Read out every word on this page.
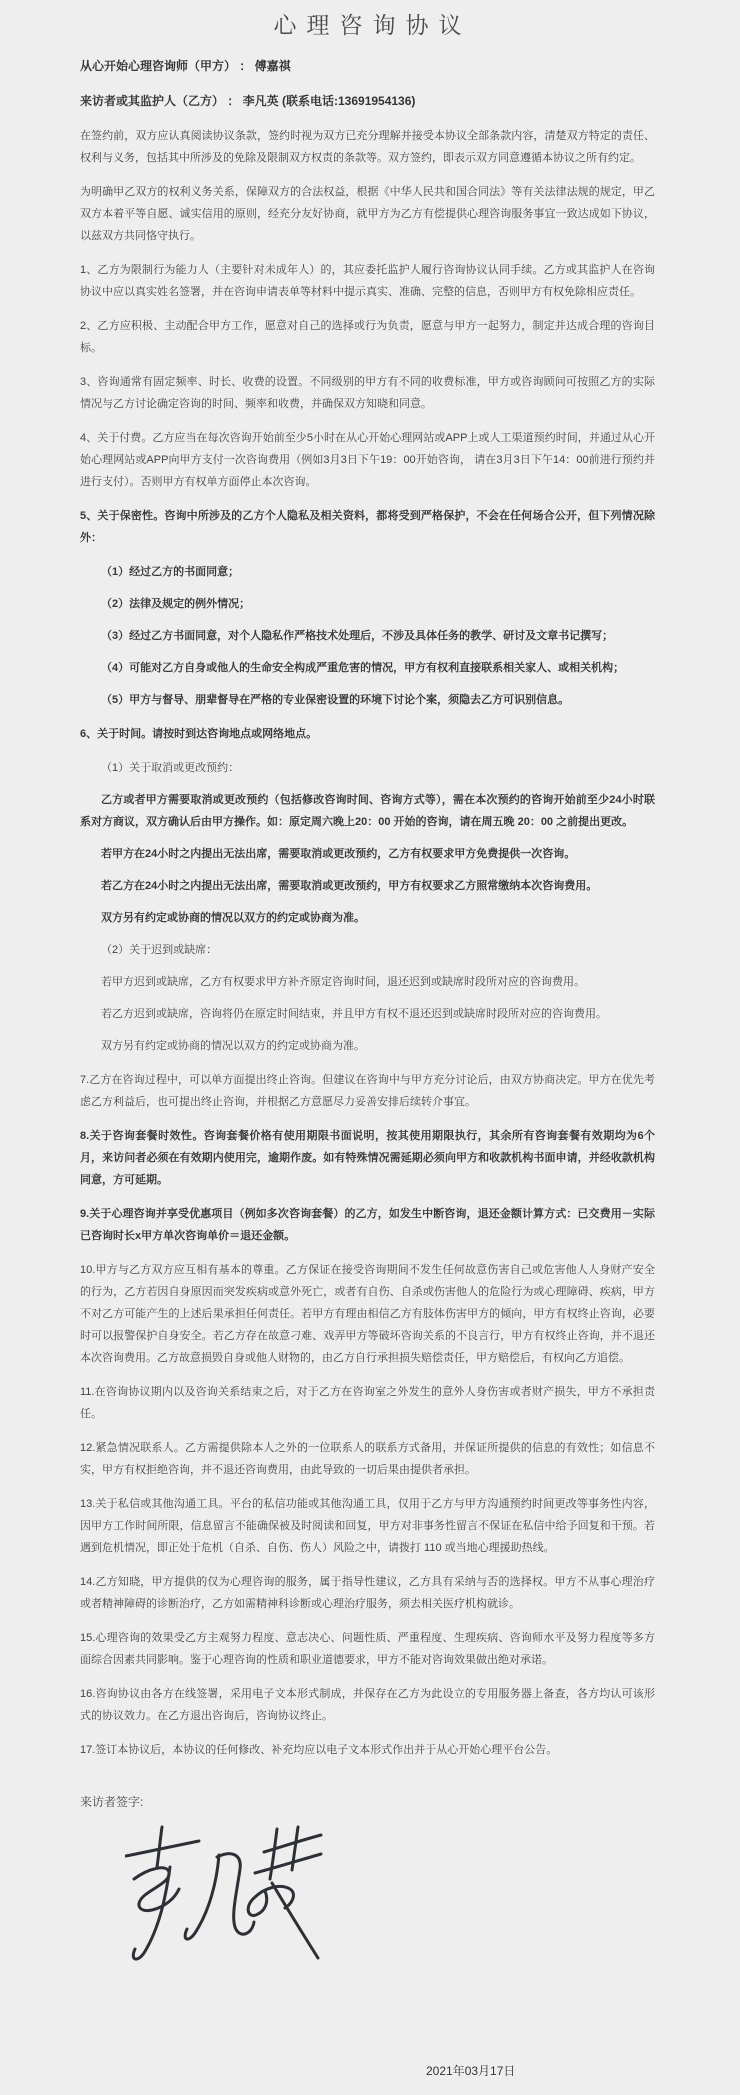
心理咨询协议

从心开始心理咨询师（甲方） ： 傅嘉祺

来访者或其监护人（乙方） ： 李凡英 (联系电话:13691954136)

在签约前，双方应认真阅读协议条款，签约时视为双方已充分理解并接受本协议全部条款内容，清楚双方特定的责任、权利与义务，包括其中所涉及的免除及限制双方权责的条款等。双方签约，即表示双方同意遵循本协议之所有约定。

为明确甲乙双方的权利义务关系，保障双方的合法权益，根据《中华人民共和国合同法》等有关法律法规的规定，甲乙双方本着平等自愿、诚实信用的原则，经充分友好协商，就甲方为乙方有偿提供心理咨询服务事宜一致达成如下协议，以兹双方共同恪守执行。

1、乙方为限制行为能力人（主要针对未成年人）的，其应委托监护人履行咨询协议认同手续。乙方或其监护人在咨询协议中应以真实姓名签署，并在咨询申请表单等材料中提示真实、准确、完整的信息，否则甲方有权免除相应责任。

2、乙方应积极、主动配合甲方工作，愿意对自己的选择或行为负责，愿意与甲方一起努力，制定并达成合理的咨询目标。

3、咨询通常有固定频率、时长、收费的设置。不同级别的甲方有不同的收费标准，甲方或咨询顾问可按照乙方的实际情况与乙方讨论确定咨询的时间、频率和收费，并确保双方知晓和同意。

4、关于付费。乙方应当在每次咨询开始前至少5小时在从心开始心理网站或APP上或人工渠道预约时间，并通过从心开始心理网站或APP向甲方支付一次咨询费用（例如3月3日下午19：00开始咨询， 请在3月3日下午14：00前进行预约并进行支付）。否则甲方有权单方面停止本次咨询。

5、关于保密性。咨询中所涉及的乙方个人隐私及相关资料，都将受到严格保护，不会在任何场合公开，但下列情况除外：

（1）经过乙方的书面同意；

（2）法律及规定的例外情况；

（3）经过乙方书面同意，对个人隐私作严格技术处理后，不涉及具体任务的教学、研讨及文章书记撰写；

（4）可能对乙方自身或他人的生命安全构成严重危害的情况，甲方有权利直接联系相关家人、或相关机构；

（5）甲方与督导、朋辈督导在严格的专业保密设置的环境下讨论个案，须隐去乙方可识别信息。

6、关于时间。请按时到达咨询地点或网络地点。

（1）关于取消或更改预约：

乙方或者甲方需要取消或更改预约（包括修改咨询时间、咨询方式等），需在本次预约的咨询开始前至少24小时联系对方商议，双方确认后由甲方操作。如：原定周六晚上20：00 开始的咨询，请在周五晚 20：00 之前提出更改。

若甲方在24小时之内提出无法出席，需要取消或更改预约，乙方有权要求甲方免费提供一次咨询。

若乙方在24小时之内提出无法出席，需要取消或更改预约，甲方有权要求乙方照常缴纳本次咨询费用。

双方另有约定或协商的情况以双方的约定或协商为准。

（2）关于迟到或缺席：

若甲方迟到或缺席，乙方有权要求甲方补齐原定咨询时间，退还迟到或缺席时段所对应的咨询费用。

若乙方迟到或缺席，咨询将仍在原定时间结束，并且甲方有权不退还迟到或缺席时段所对应的咨询费用。

双方另有约定或协商的情况以双方的约定或协商为准。

7.乙方在咨询过程中，可以单方面提出终止咨询。但建议在咨询中与甲方充分讨论后，由双方协商决定。甲方在优先考虑乙方利益后，也可提出终止咨询，并根据乙方意愿尽力妥善安排后续转介事宜。

8.关于咨询套餐时效性。咨询套餐价格有使用期限书面说明，按其使用期限执行，其余所有咨询套餐有效期均为6个月，来访问者必须在有效期内使用完，逾期作废。如有特殊情况需延期必须向甲方和收款机构书面申请，并经收款机构同意，方可延期。

9.关于心理咨询并享受优惠项目（例如多次咨询套餐）的乙方，如发生中断咨询，退还金额计算方式：已交费用－实际已咨询时长x甲方单次咨询单价＝退还金额。

10.甲方与乙方双方应互相有基本的尊重。乙方保证在接受咨询期间不发生任何故意伤害自己或危害他人人身财产安全的行为，乙方若因自身原因而突发疾病或意外死亡，或者有自伤、自杀或伤害他人的危险行为或心理障碍、疾病，甲方不对乙方可能产生的上述后果承担任何责任。若甲方有理由相信乙方有肢体伤害甲方的倾向，甲方有权终止咨询，必要时可以报警保护自身安全。若乙方存在故意刁难、戏弄甲方等破坏咨询关系的不良言行，甲方有权终止咨询，并不退还本次咨询费用。乙方故意损毁自身或他人财物的，由乙方自行承担损失赔偿责任，甲方赔偿后，有权向乙方追偿。

11.在咨询协议期内以及咨询关系结束之后，对于乙方在咨询室之外发生的意外人身伤害或者财产损失，甲方不承担责任。

12.紧急情况联系人。乙方需提供除本人之外的一位联系人的联系方式备用，并保证所提供的信息的有效性；如信息不实，甲方有权拒绝咨询，并不退还咨询费用，由此导致的一切后果由提供者承担。

13.关于私信或其他沟通工具。平台的私信功能或其他沟通工具，仅用于乙方与甲方沟通预约时间更改等事务性内容，因甲方工作时间所限，信息留言不能确保被及时阅读和回复，甲方对非事务性留言不保证在私信中给予回复和干预。若遇到危机情况，即正处于危机（自杀、自伤、伤人）风险之中，请拨打 110 或当地心理援助热线。

14.乙方知晓，甲方提供的仅为心理咨询的服务，属于指导性建议，乙方具有采纳与否的选择权。甲方不从事心理治疗或者精神障碍的诊断治疗，乙方如需精神科诊断或心理治疗服务，须去相关医疗机构就诊。

15.心理咨询的效果受乙方主观努力程度、意志决心、问题性质、严重程度、生理疾病、咨询师水平及努力程度等多方面综合因素共同影响。鉴于心理咨询的性质和职业道德要求，甲方不能对咨询效果做出绝对承诺。

16.咨询协议由各方在线签署，采用电子文本形式制成，并保存在乙方为此设立的专用服务器上备查，各方均认可该形式的协议效力。在乙方退出咨询后，咨询协议终止。

17.签订本协议后，本协议的任何修改、补充均应以电子文本形式作出并于从心开始心理平台公告。

来访者签字:

2021年03月17日
